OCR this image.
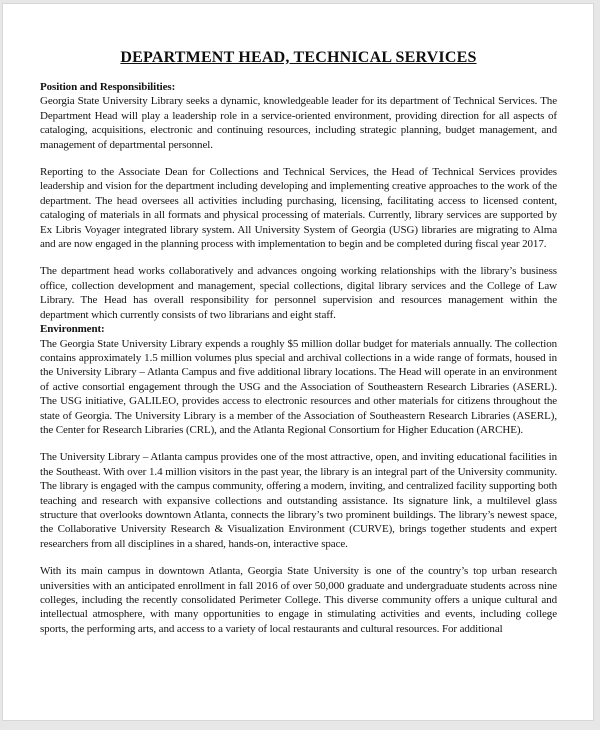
DEPARTMENT HEAD, TECHNICAL SERVICES
Position and Responsibilities:

Georgia State University Library seeks a dynamic, knowledgeable leader for its department of Technical Services. The Department Head will play a leadership role in a service-oriented environment, providing direction for all aspects of cataloging, acquisitions, electronic and continuing resources, including strategic planning, budget management, and management of departmental personnel.

Reporting to the Associate Dean for Collections and Technical Services, the Head of Technical Services provides leadership and vision for the department including developing and implementing creative approaches to the work of the department. The head oversees all activities including purchasing, licensing, facilitating access to licensed content, cataloging of materials in all formats and physical processing of materials. Currently, library services are supported by Ex Libris Voyager integrated library system. All University System of Georgia (USG) libraries are migrating to Alma and are now engaged in the planning process with implementation to begin and be completed during fiscal year 2017.

The department head works collaboratively and advances ongoing working relationships with the library’s business office, collection development and management, special collections, digital library services and the College of Law Library. The Head has overall responsibility for personnel supervision and resources management within the department which currently consists of two librarians and eight staff.

Environment:

The Georgia State University Library expends a roughly $5 million dollar budget for materials annually. The collection contains approximately 1.5 million volumes plus special and archival collections in a wide range of formats, housed in the University Library – Atlanta Campus and five additional library locations. The Head will operate in an environment of active consortial engagement through the USG and the Association of Southeastern Research Libraries (ASERL). The USG initiative, GALILEO, provides access to electronic resources and other materials for citizens throughout the state of Georgia. The University Library is a member of the Association of Southeastern Research Libraries (ASERL), the Center for Research Libraries (CRL), and the Atlanta Regional Consortium for Higher Education (ARCHE).

The University Library – Atlanta campus provides one of the most attractive, open, and inviting educational facilities in the Southeast. With over 1.4 million visitors in the past year, the library is an integral part of the University community. The library is engaged with the campus community, offering a modern, inviting, and centralized facility supporting both teaching and research with expansive collections and outstanding assistance. Its signature link, a multilevel glass structure that overlooks downtown Atlanta, connects the library’s two prominent buildings. The library’s newest space, the Collaborative University Research & Visualization Environment (CURVE), brings together students and expert researchers from all disciplines in a shared, hands-on, interactive space.

With its main campus in downtown Atlanta, Georgia State University is one of the country’s top urban research universities with an anticipated enrollment in fall 2016 of over 50,000 graduate and undergraduate students across nine colleges, including the recently consolidated Perimeter College. This diverse community offers a unique cultural and intellectual atmosphere, with many opportunities to engage in stimulating activities and events, including college sports, the performing arts, and access to a variety of local restaurants and cultural resources. For additional
